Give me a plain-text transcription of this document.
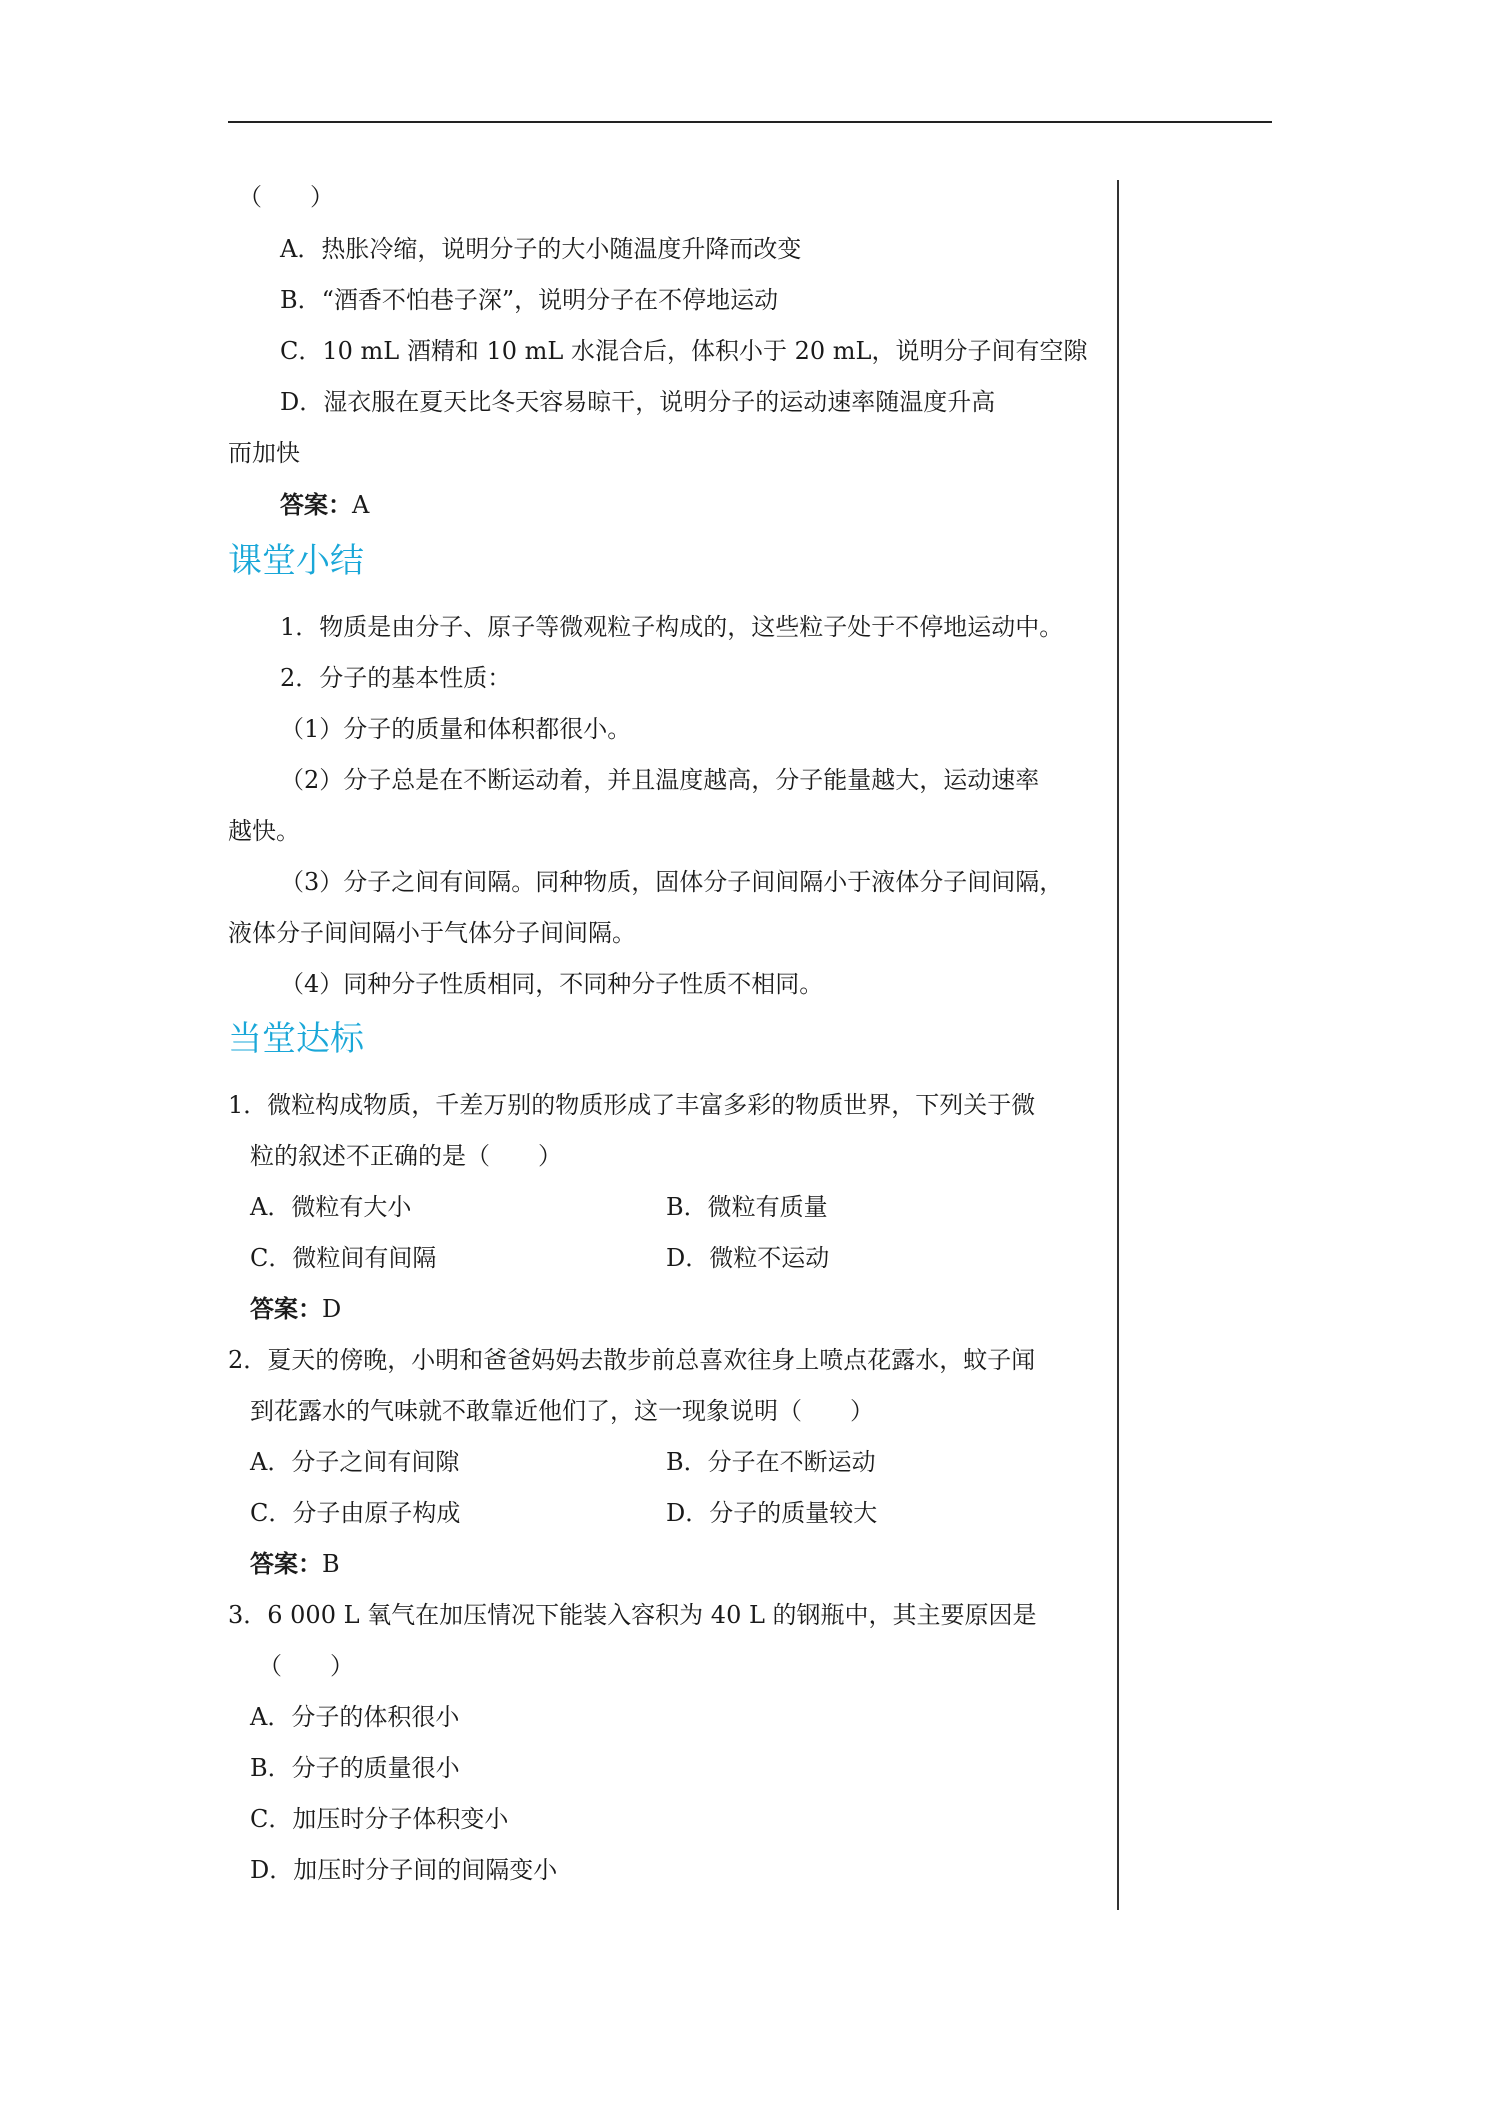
（　　）
A．热胀冷缩，说明分子的大小随温度升降而改变
B．“酒香不怕巷子深”，说明分子在不停地运动
C．10 mL 酒精和 10 mL 水混合后，体积小于 20 mL，说明分子间有空隙
D．湿衣服在夏天比冬天容易晾干，说明分子的运动速率随温度升高
而加快
答案：A
课堂小结
1．物质是由分子、原子等微观粒子构成的，这些粒子处于不停地运动中。
2．分子的基本性质：
（1）分子的质量和体积都很小。
（2）分子总是在不断运动着，并且温度越高，分子能量越大，运动速率
越快。
（3）分子之间有间隔。同种物质，固体分子间间隔小于液体分子间间隔，
液体分子间间隔小于气体分子间间隔。
（4）同种分子性质相同，不同种分子性质不相同。
当堂达标
1．微粒构成物质，千差万别的物质形成了丰富多彩的物质世界，下列关于微
粒的叙述不正确的是（　　）
A．微粒有大小	B．微粒有质量
C．微粒间有间隔	D．微粒不运动
答案：D
2．夏天的傍晚，小明和爸爸妈妈去散步前总喜欢往身上喷点花露水，蚊子闻
到花露水的气味就不敢靠近他们了，这一现象说明（　　）
A．分子之间有间隙	B．分子在不断运动
C．分子由原子构成	D．分子的质量较大
答案：B
3．6 000 L 氧气在加压情况下能装入容积为 40 L 的钢瓶中，其主要原因是
（　　）
A．分子的体积很小
B．分子的质量很小
C．加压时分子体积变小
D．加压时分子间的间隔变小
